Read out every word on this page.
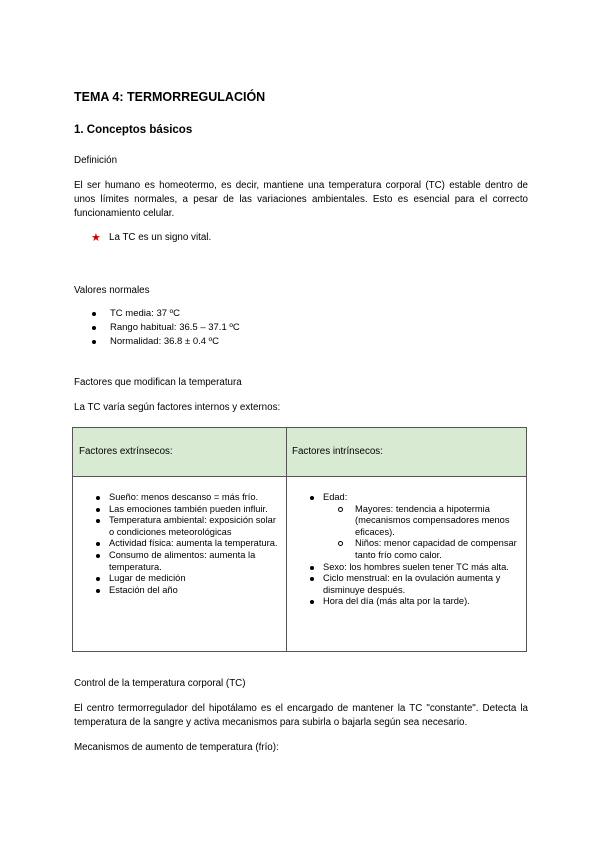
TEMA 4: TERMORREGULACIÓN
1. Conceptos básicos
Definición

El ser humano es homeotermo, es decir, mantiene una temperatura corporal (TC) estable dentro de unos límites normales, a pesar de las variaciones ambientales. Esto es esencial para el correcto funcionamiento celular.

★ La TC es un signo vital.
Valores normales
TC media: 37 ºC
Rango habitual: 36.5 – 37.1 ºC
Normalidad: 36.8 ± 0.4 ºC
Factores que modifican la temperatura
La TC varía según factores internos y externos:
Factores extrínsecos:	Factores intrínsecos:
Sueño: menos descanso = más frío.
Las emociones también pueden influir.
Temperatura ambiental: exposición solar o condiciones meteorológicas
Actividad física: aumenta la temperatura.
Consumo de alimentos: aumenta la temperatura.
Lugar de medición
Estación del año
Edad:
Mayores: tendencia a hipotermia (mecanismos compensadores menos eficaces).
Niños: menor capacidad de compensar tanto frío como calor.
Sexo: los hombres suelen tener TC más alta.
Ciclo menstrual: en la ovulación aumenta y disminuye después.
Hora del día (más alta por la tarde).
Control de la temperatura corporal (TC)

El centro termorregulador del hipotálamo es el encargado de mantener la TC "constante". Detecta la temperatura de la sangre y activa mecanismos para subirla o bajarla según sea necesario.

Mecanismos de aumento de temperatura (frío):
